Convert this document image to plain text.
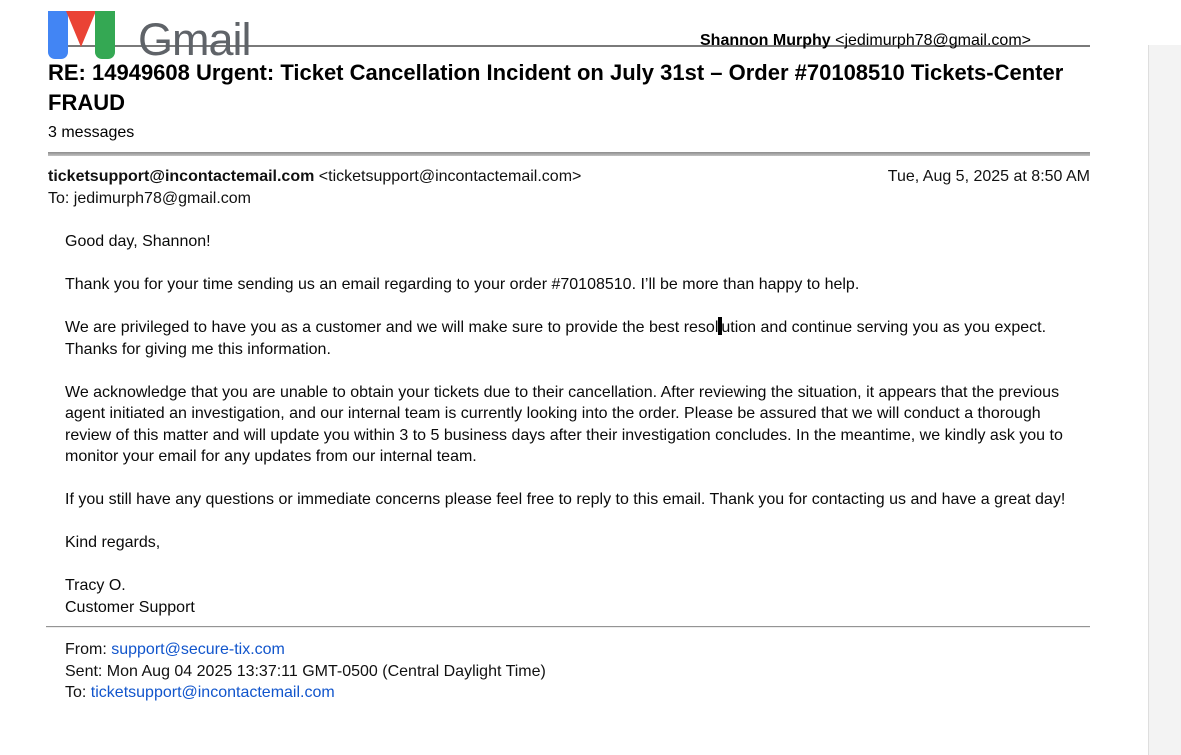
Gmail	Shannon Murphy <jedimurph78@gmail.com>
RE: 14949608 Urgent: Ticket Cancellation Incident on July 31st – Order #70108510 Tickets-Center FRAUD
3 messages
ticketsupport@incontactemail.com <ticketsupport@incontactemail.com>	Tue, Aug 5, 2025 at 8:50 AM
To: jedimurph78@gmail.com

Good day, Shannon!

Thank you for your time sending us an email regarding to your order #70108510. I’ll be more than happy to help.

We are privileged to have you as a customer and we will make sure to provide the best resol ution and continue serving you as you expect. Thanks for giving me this information.

We acknowledge that you are unable to obtain your tickets due to their cancellation. After reviewing the situation, it appears that the previous agent initiated an investigation, and our internal team is currently looking into the order. Please be assured that we will conduct a thorough review of this matter and will update you within 3 to 5 business days after their investigation concludes. In the meantime, we kindly ask you to monitor your email for any updates from our internal team.

If you still have any questions or immediate concerns please feel free to reply to this email. Thank you for contacting us and have a great day!

Kind regards,

Tracy O.
Customer Support

From: support@secure-tix.com
Sent: Mon Aug 04 2025 13:37:11 GMT-0500 (Central Daylight Time)
To: ticketsupport@incontactemail.com
